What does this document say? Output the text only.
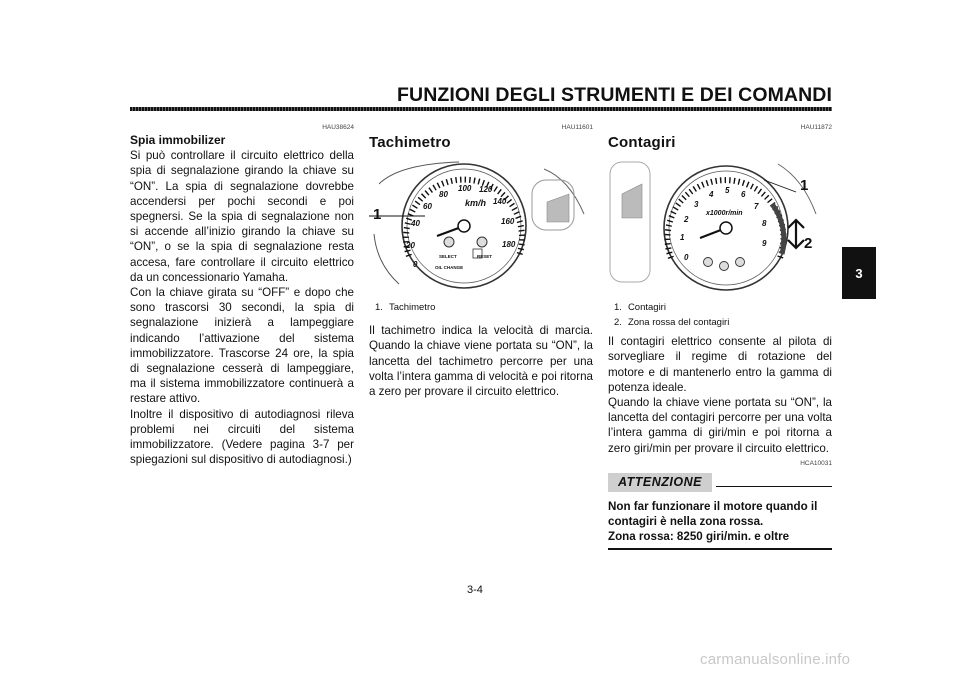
FUNZIONI DEGLI STRUMENTI E DEI COMANDI
3
HAU38624
Spia immobilizer

Si può controllare il circuito elettrico della spia di segnalazione girando la chiave su “ON”. La spia di segnalazione dovrebbe accendersi per pochi secondi e poi spegnersi. Se la spia di segnalazione non si accende all’inizio girando la chiave su “ON”, o se la spia di segnalazione resta accesa, fare controllare il circuito elettrico da un concessionario Yamaha.

Con la chiave girata su “OFF” e dopo che sono trascorsi 30 secondi, la spia di segnalazione inizierà a lampeggiare indicando l’attivazione del sistema immobilizzatore. Trascorse 24 ore, la spia di segnalazione cesserà di lampeggiare, ma il sistema immobilizzatore continuerà a restare attivo.

Inoltre il dispositivo di autodiagnosi rileva problemi nei circuiti del sistema immobilizzatore. (Vedere pagina 3-7 per spiegazioni sul dispositivo di autodiagnosi.)

HAU11601
Tachimetro
1
km/h
0
20
40
60
80
100 120
140
160
180
SELECT	RESET
OIL CHANGE
1. Tachimetro

Il tachimetro indica la velocità di marcia. Quando la chiave viene portata su “ON”, la lancetta del tachimetro percorre per una volta l’intera gamma di velocità e poi ritorna a zero per provare il circuito elettrico.

HAU11872
Contagiri
1
2
x1000r/min
0
1
2
3
4 5 6
7
8
9
1. Contagiri
2. Zona rossa del contagiri

Il contagiri elettrico consente al pilota di sorvegliare il regime di rotazione del motore e di mantenerlo entro la gamma di potenza ideale.

Quando la chiave viene portata su “ON”, la lancetta del contagiri percorre per una volta l’intera gamma di giri/min e poi ritorna a zero giri/min per provare il circuito elettrico.

HCA10031
ATTENZIONE
Non far funzionare il motore quando il contagiri è nella zona rossa.
Zona rossa: 8250 giri/min. e oltre
3-4
carmanualsonline.info
